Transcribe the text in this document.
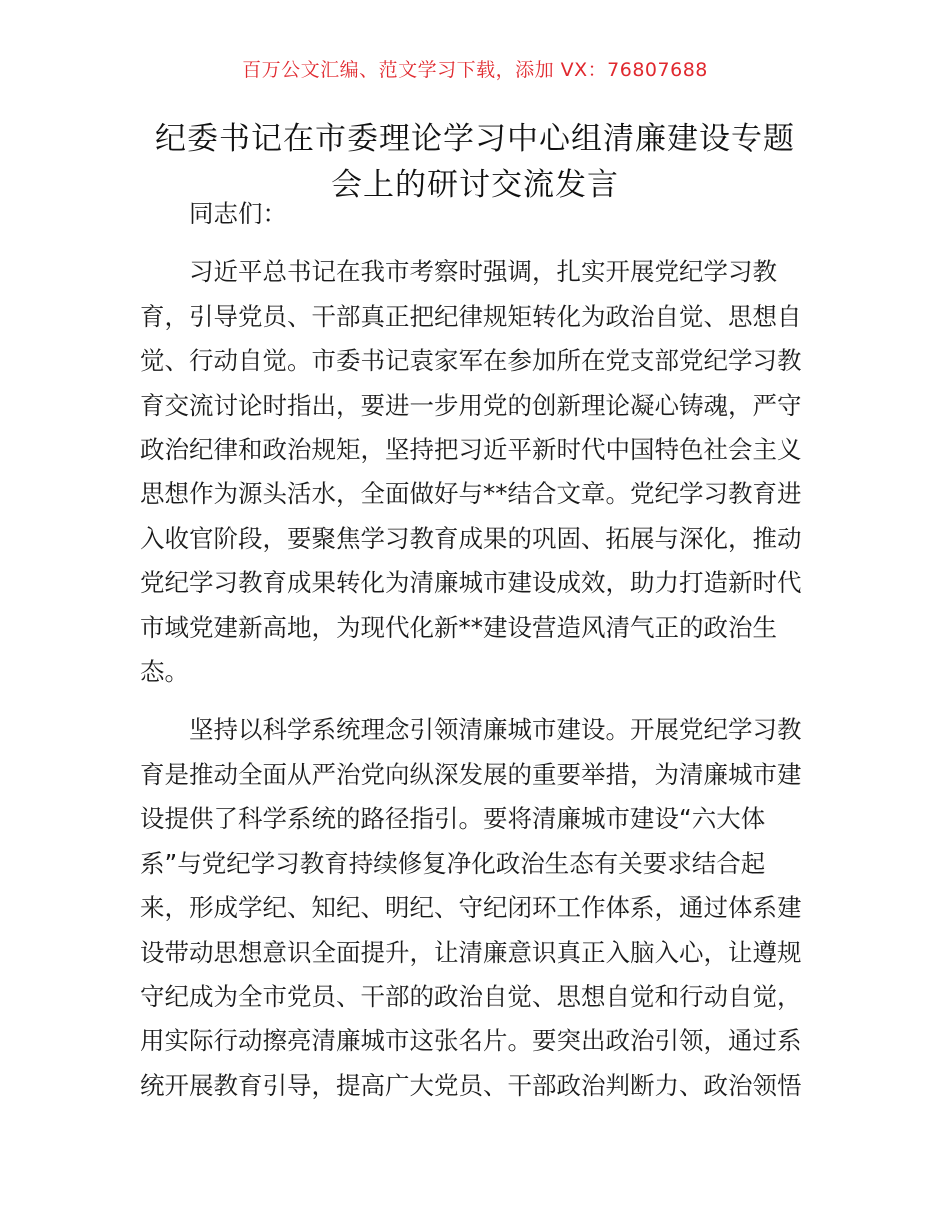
百万公文汇编、范文学习下载，添加 VX：76807688
纪委书记在市委理论学习中心组清廉建设专题
会上的研讨交流发言

同志们：

习近平总书记在我市考察时强调，扎实开展党纪学习教
育，引导党员、干部真正把纪律规矩转化为政治自觉、思想自
觉、行动自觉。市委书记袁家军在参加所在党支部党纪学习教
育交流讨论时指出，要进一步用党的创新理论凝心铸魂，严守
政治纪律和政治规矩，坚持把习近平新时代中国特色社会主义
思想作为源头活水，全面做好与**结合文章。党纪学习教育进
入收官阶段，要聚焦学习教育成果的巩固、拓展与深化，推动
党纪学习教育成果转化为清廉城市建设成效，助力打造新时代
市域党建新高地，为现代化新**建设营造风清气正的政治生
态。
坚持以科学系统理念引领清廉城市建设。开展党纪学习教
育是推动全面从严治党向纵深发展的重要举措，为清廉城市建
设提供了科学系统的路径指引。要将清廉城市建设“六大体
系”与党纪学习教育持续修复净化政治生态有关要求结合起
来，形成学纪、知纪、明纪、守纪闭环工作体系，通过体系建
设带动思想意识全面提升，让清廉意识真正入脑入心，让遵规
守纪成为全市党员、干部的政治自觉、思想自觉和行动自觉，
用实际行动擦亮清廉城市这张名片。要突出政治引领，通过系
统开展教育引导，提高广大党员、干部政治判断力、政治领悟
